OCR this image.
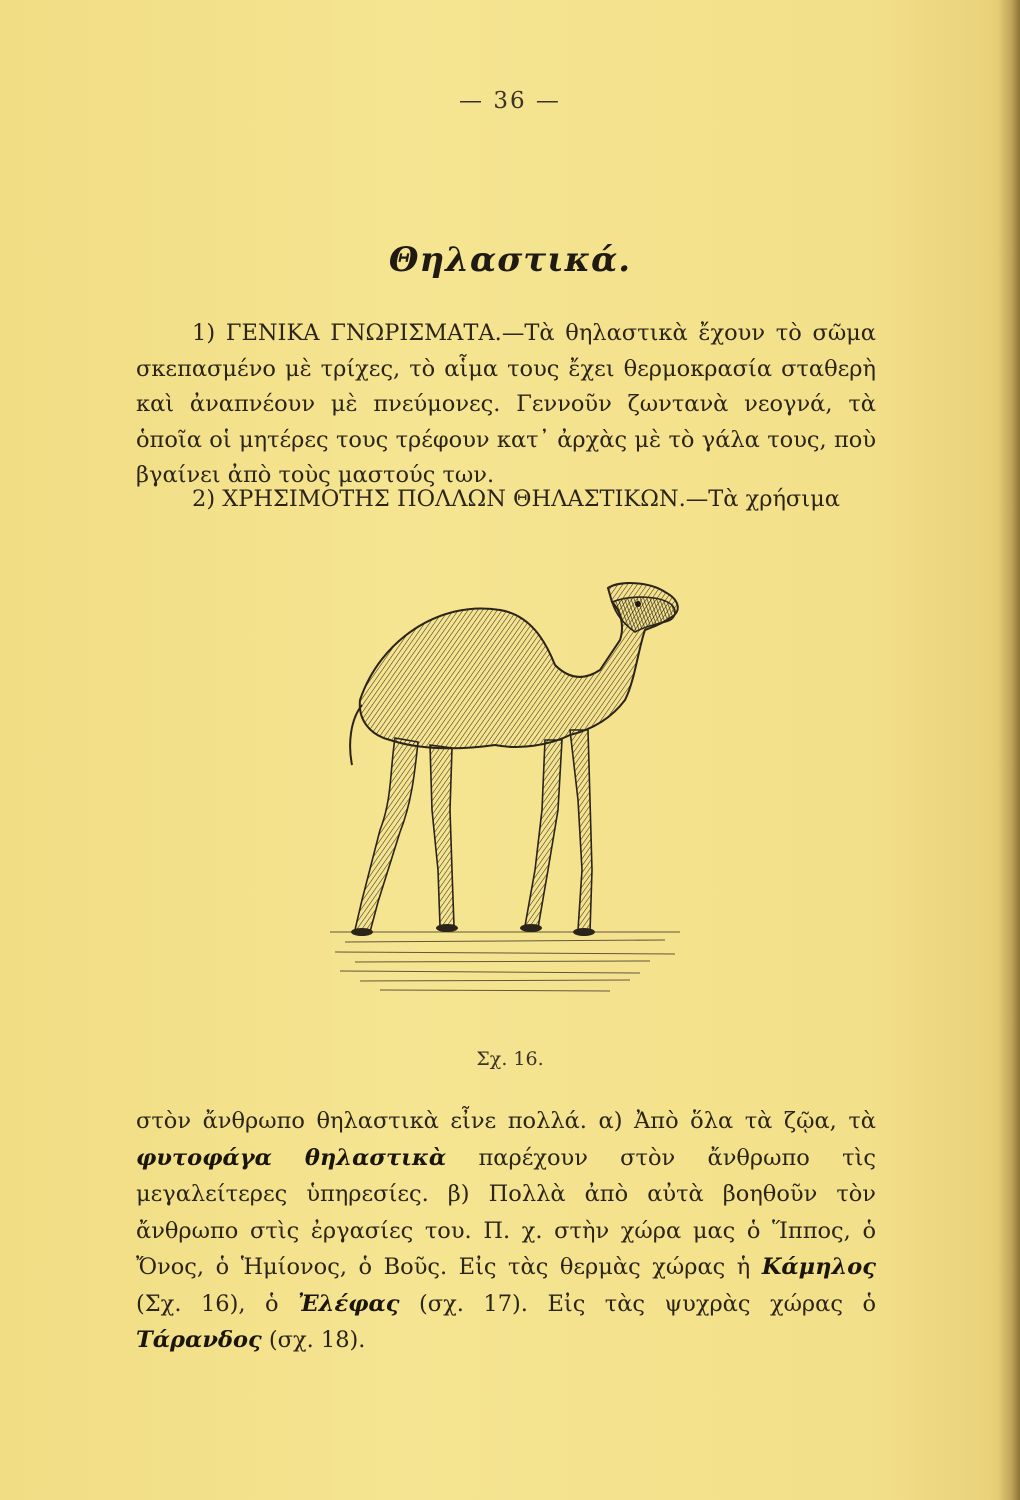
— 36 —
Θηλαστικά.
1) ΓΕΝΙΚΑ ΓΝΩΡΙΣΜΑΤΑ.—Τὰ θηλαστικὰ ἔχουν τὸ σῶμα σκεπασμένο μὲ τρίχες, τὸ αἷμα τους ἔχει θερμοκρασία σταθερὴ καὶ ἀναπνέουν μὲ πνεύμονες. Γεννοῦν ζωντανὰ νεογνά, τὰ ὁποῖα οἱ μητέρες τους τρέφουν κατ᾽ ἀρχὰς μὲ τὸ γάλα τους, ποὺ βγαίνει ἀπὸ τοὺς μαστούς των.
2) ΧΡΗΣΙΜΟΤΗΣ ΠΟΛΛΩΝ ΘΗΛΑΣΤΙΚΩΝ.—Τὰ χρήσιμα
Σχ. 16.
στὸν ἄνθρωπο θηλαστικὰ εἶνε πολλά. α) Ἀπὸ ὅλα τὰ ζῷα, τὰ φυτοφάγα θηλαστικὰ παρέχουν στὸν ἄνθρωπο τὶς μεγαλείτερες ὑπηρεσίες. β) Πολλὰ ἀπὸ αὐτὰ βοηθοῦν τὸν ἄνθρωπο στὶς ἐργασίες του. Π. χ. στὴν χώρα μας ὁ Ἵππος, ὁ Ὄνος, ὁ Ἡμίονος, ὁ Βοῦς. Εἰς τὰς θερμὰς χώρας ἡ Κάμηλος (Σχ. 16), ὁ Ἐλέφας (σχ. 17). Εἰς τὰς ψυχρὰς χώρας ὁ Τάρανδος (σχ. 18).
